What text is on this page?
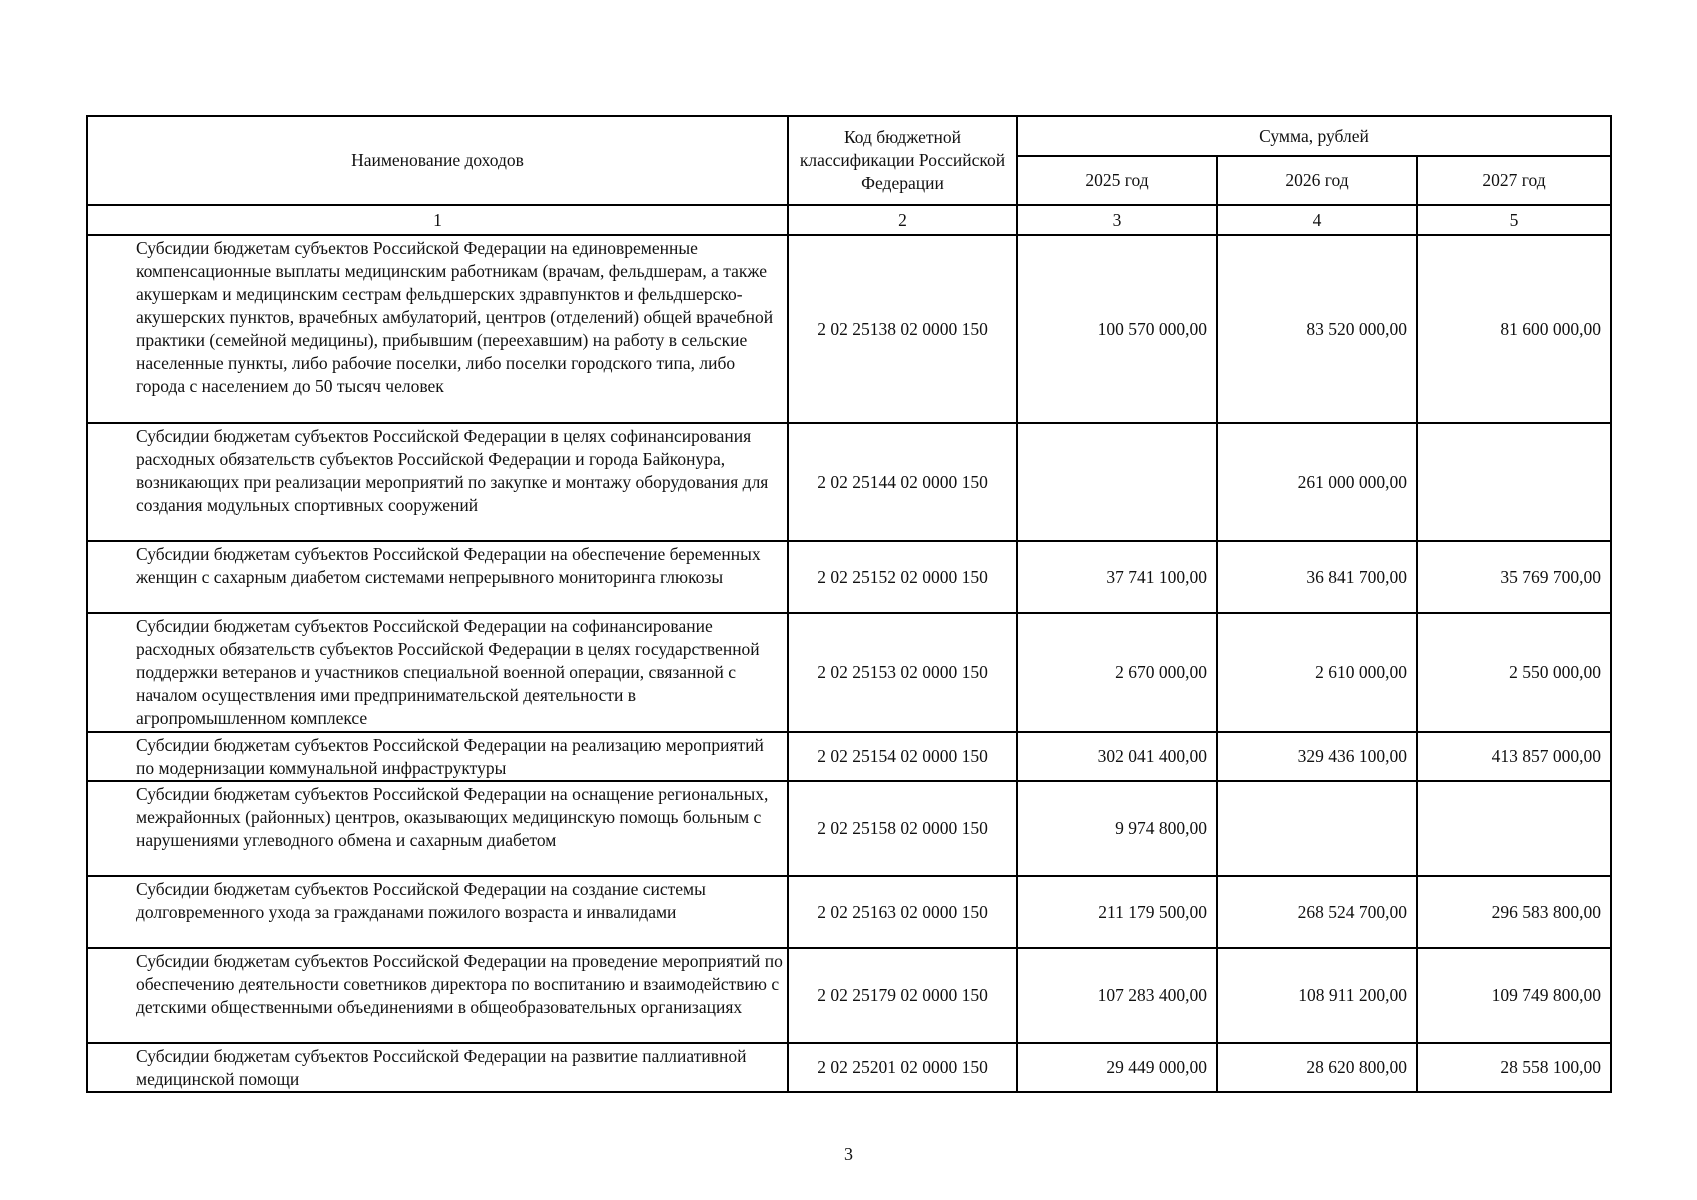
Наименование доходов	Код бюджетной классификации Российской Федерации	Сумма, рублей		
		2025 год	2026 год	2027 год
1	2	3	4	5
Субсидии бюджетам субъектов Российской Федерации на единовременные компенсационные выплаты медицинским работникам (врачам, фельдшерам, а также акушеркам и медицинским сестрам фельдшерских здравпунктов и фельдшерско-акушерских пунктов, врачебных амбулаторий, центров (отделений) общей врачебной практики (семейной медицины), прибывшим (переехавшим) на работу в сельские населенные пункты, либо рабочие поселки, либо поселки городского типа, либо города с населением до 50 тысяч человек	2 02 25138 02 0000 150	100 570 000,00	83 520 000,00	81 600 000,00
Субсидии бюджетам субъектов Российской Федерации в целях софинансирования расходных обязательств субъектов Российской Федерации и города Байконура, возникающих при реализации мероприятий по закупке и монтажу оборудования для создания модульных спортивных сооружений	2 02 25144 02 0000 150		261 000 000,00	
Субсидии бюджетам субъектов Российской Федерации на обеспечение беременных женщин с сахарным диабетом системами непрерывного мониторинга глюкозы	2 02 25152 02 0000 150	37 741 100,00	36 841 700,00	35 769 700,00
Субсидии бюджетам субъектов Российской Федерации на софинансирование расходных обязательств субъектов Российской Федерации в целях государственной поддержки ветеранов и участников специальной военной операции, связанной с началом осуществления ими предпринимательской деятельности в агропромышленном комплексе	2 02 25153 02 0000 150	2 670 000,00	2 610 000,00	2 550 000,00
Субсидии бюджетам субъектов Российской Федерации на реализацию мероприятий по модернизации коммунальной инфраструктуры	2 02 25154 02 0000 150	302 041 400,00	329 436 100,00	413 857 000,00
Субсидии бюджетам субъектов Российской Федерации на оснащение региональных, межрайонных (районных) центров, оказывающих медицинскую помощь больным с нарушениями углеводного обмена и сахарным диабетом	2 02 25158 02 0000 150	9 974 800,00		
Субсидии бюджетам субъектов Российской Федерации на создание системы долговременного ухода за гражданами пожилого возраста и инвалидами	2 02 25163 02 0000 150	211 179 500,00	268 524 700,00	296 583 800,00
Субсидии бюджетам субъектов Российской Федерации на проведение мероприятий по обеспечению деятельности советников директора по воспитанию и взаимодействию с детскими общественными объединениями в общеобразовательных организациях	2 02 25179 02 0000 150	107 283 400,00	108 911 200,00	109 749 800,00
Субсидии бюджетам субъектов Российской Федерации на развитие паллиативной медицинской помощи	2 02 25201 02 0000 150	29 449 000,00	28 620 800,00	28 558 100,00
3
